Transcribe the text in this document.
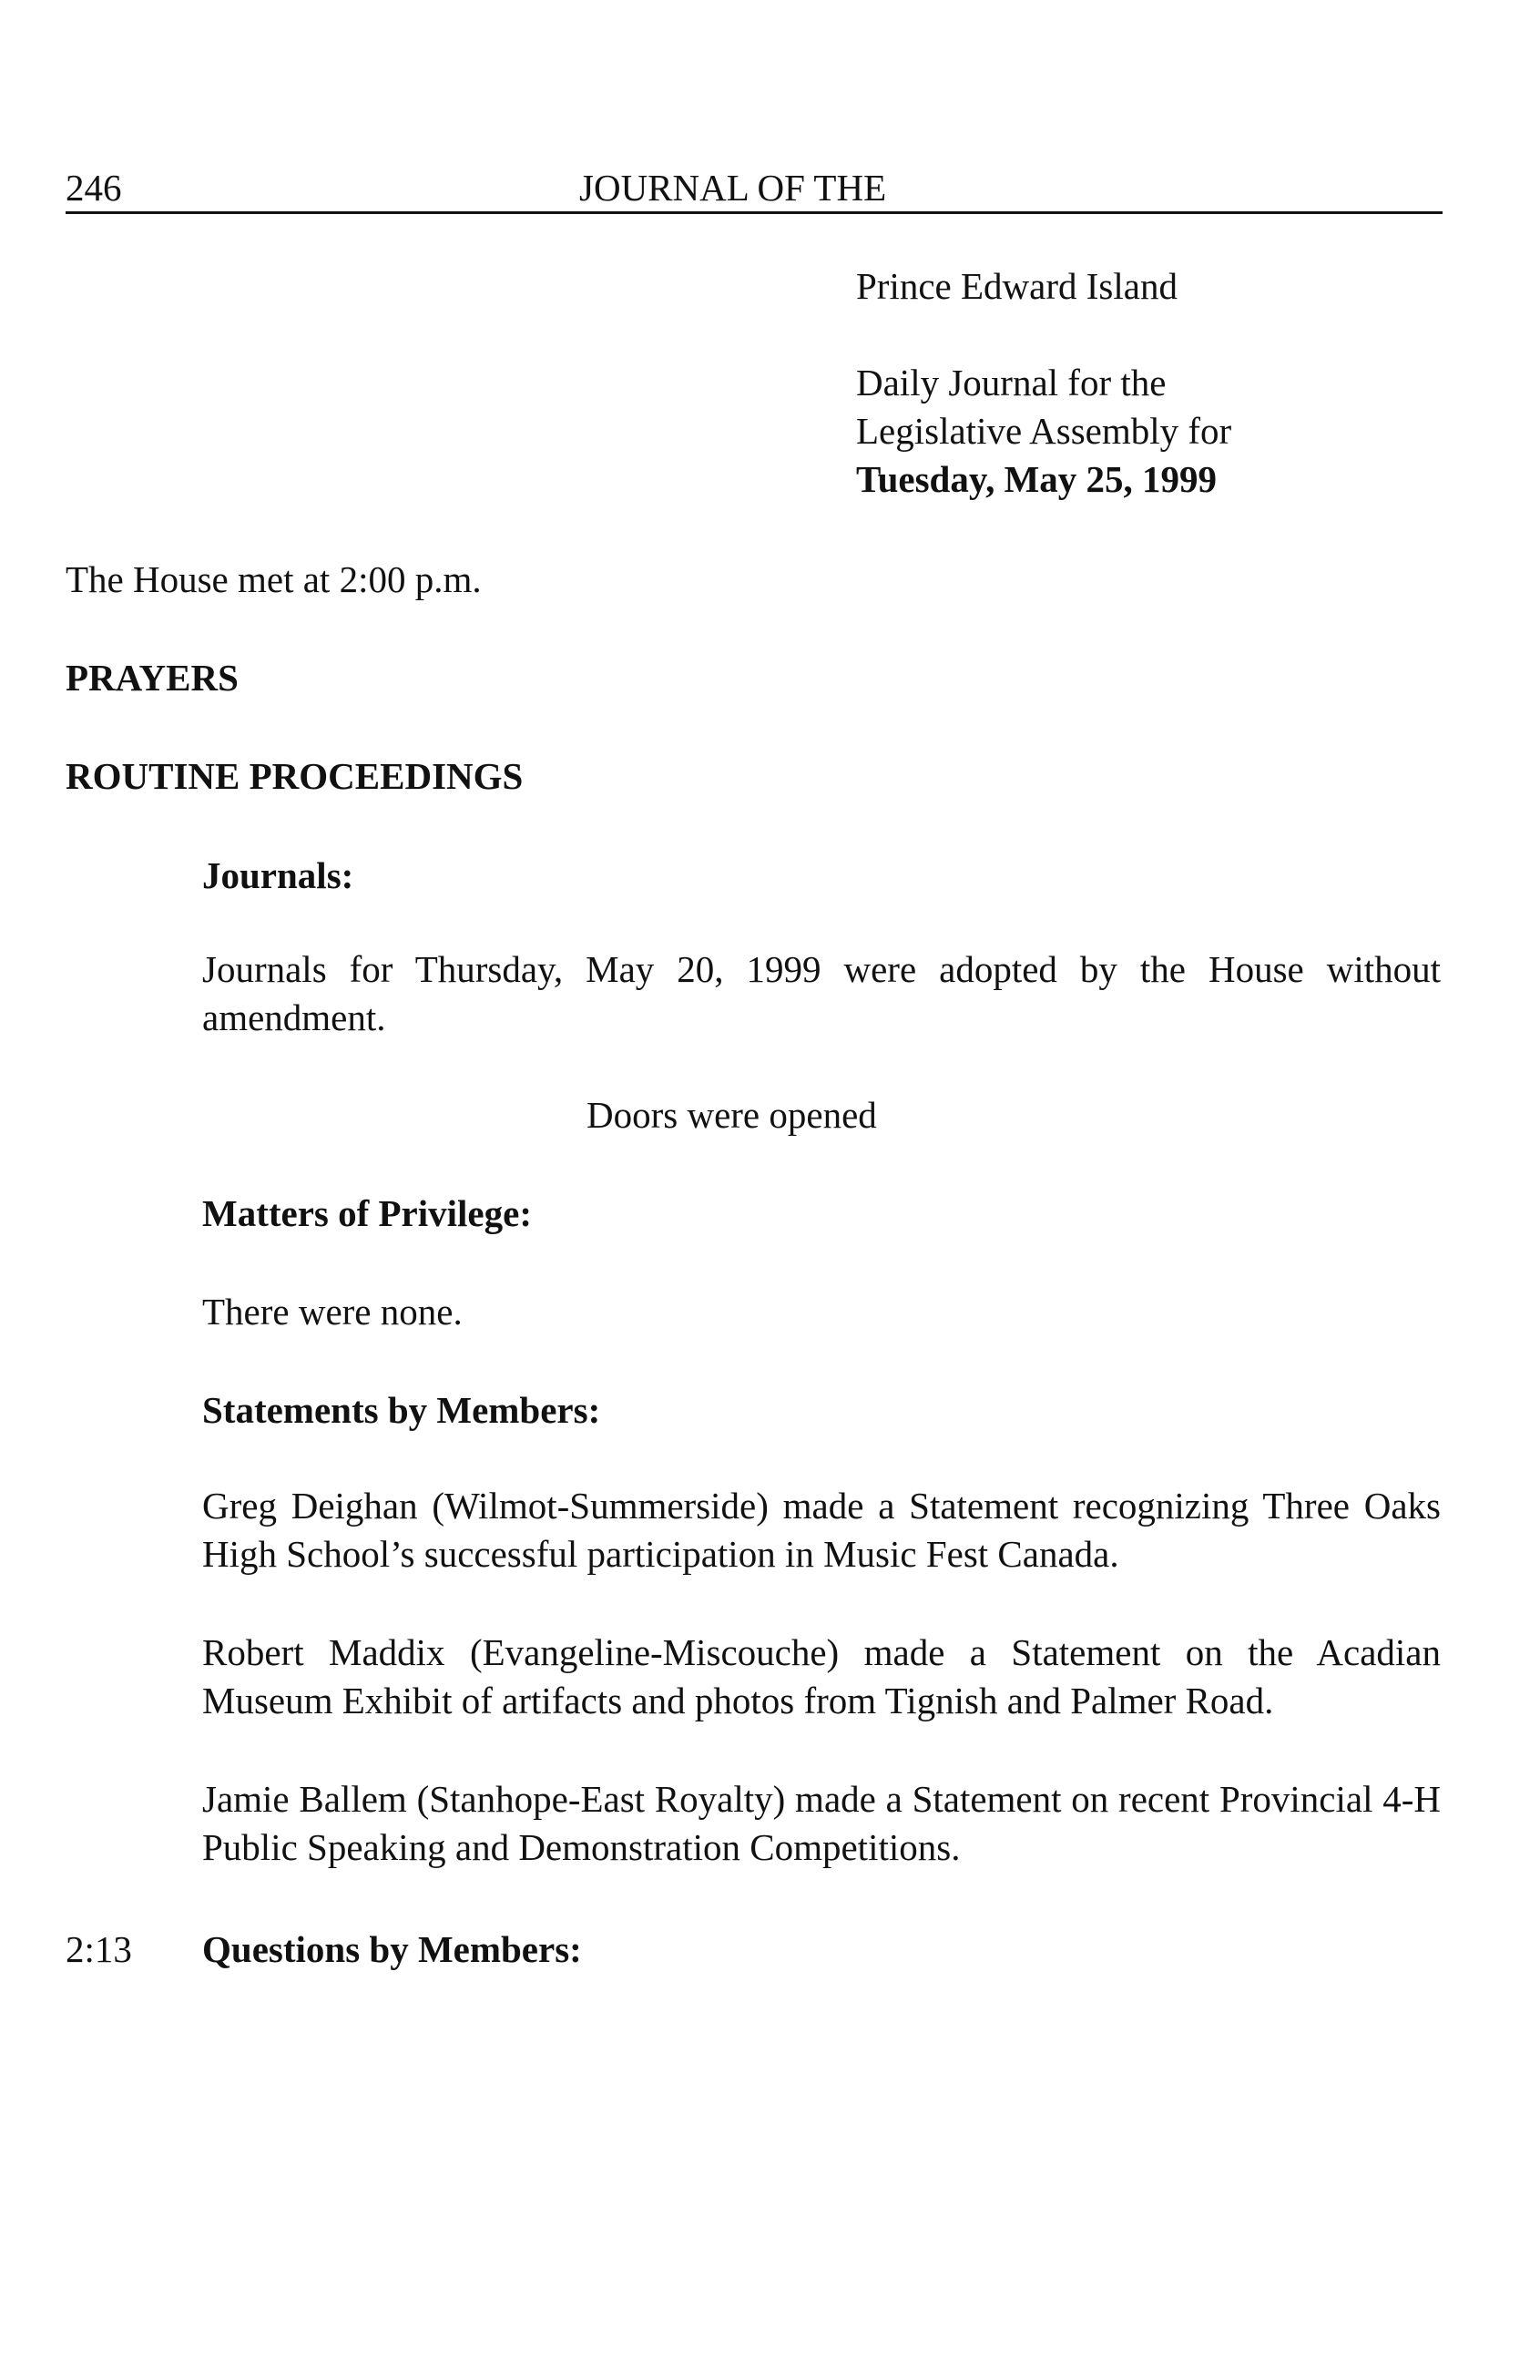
246	JOURNAL OF THE
Prince Edward Island
Daily Journal for the
Legislative Assembly for
Tuesday, May 25, 1999
The House met at 2:00 p.m.
PRAYERS
ROUTINE PROCEEDINGS
Journals:

Journals for Thursday, May 20, 1999 were adopted by the House without amendment.

Doors were opened
Matters of Privilege:
There were none.
Statements by Members:

Greg Deighan (Wilmot-Summerside) made a Statement recognizing Three Oaks High School’s successful participation in Music Fest Canada.

Robert Maddix (Evangeline-Miscouche) made a Statement on the Acadian Museum Exhibit of artifacts and photos from Tignish and Palmer Road.

Jamie Ballem (Stanhope-East Royalty) made a Statement on recent Provincial 4-H Public Speaking and Demonstration Competitions.

2:13 Questions by Members:
